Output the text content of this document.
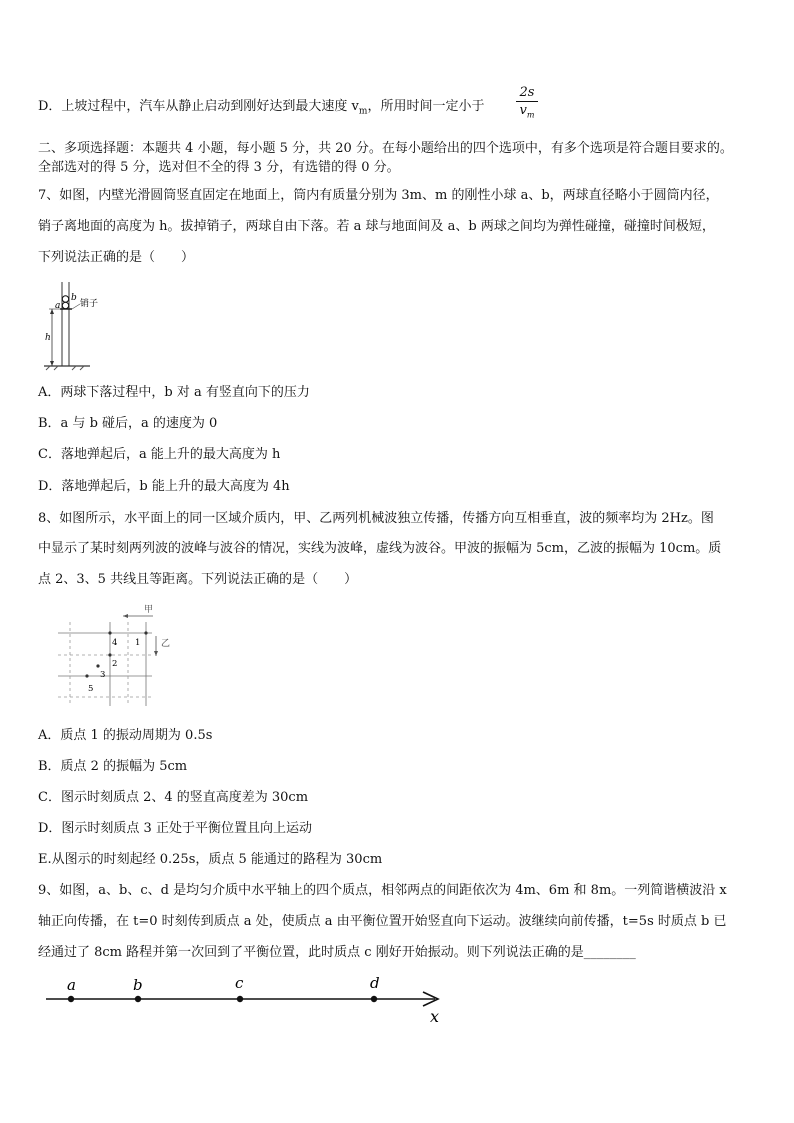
D．上坡过程中，汽车从静止启动到刚好达到最大速度 $v_m$，所用时间一定小于 $\frac{2s}{v_m}$
二、多项选择题：本题共 4 小题，每小题 5 分，共 20 分。在每小题给出的四个选项中，有多个选项是符合题目要求的。
全部选对的得 5 分，选对但不全的得 3 分，有选错的得 0 分。
7、如图，内壁光滑圆筒竖直固定在地面上，筒内有质量分别为 3m、m 的刚性小球 a、b，两球直径略小于圆筒内径，
销子离地面的高度为 h。拔掉销子，两球自由下落。若 a 球与地面间及 a、b 两球之间均为弹性碰撞，碰撞时间极短，
下列说法正确的是（　　）
销子
b
a
h
A．两球下落过程中，b 对 a 有竖直向下的压力
B．a 与 b 碰后，a 的速度为 0
C．落地弹起后，a 能上升的最大高度为 h
D．落地弹起后，b 能上升的最大高度为 4h
8、如图所示，水平面上的同一区域介质内，甲、乙两列机械波独立传播，传播方向互相垂直，波的频率均为 2Hz。图
中显示了某时刻两列波的波峰与波谷的情况，实线为波峰，虚线为波谷。甲波的振幅为 5cm，乙波的振幅为 10cm。质
点 2、3、5 共线且等距离。下列说法正确的是（　　）
甲
乙
4 1
2
3
5
A．质点 1 的振动周期为 0.5s
B．质点 2 的振幅为 5cm
C．图示时刻质点 2、4 的竖直高度差为 30cm
D．图示时刻质点 3 正处于平衡位置且向上运动
E.从图示的时刻起经 0.25s，质点 5 能通过的路程为 30cm
9、如图，a、b、c、d 是均匀介质中水平轴上的四个质点，相邻两点的间距依次为 4m、6m 和 8m。一列简谐横波沿 x
轴正向传播，在 t=0 时刻传到质点 a 处，使质点 a 由平衡位置开始竖直向下运动。波继续向前传播，t=5s 时质点 b 已
经通过了 8cm 路程并第一次回到了平衡位置，此时质点 c 刚好开始振动。则下列说法正确的是________
a	b	c	d
x
